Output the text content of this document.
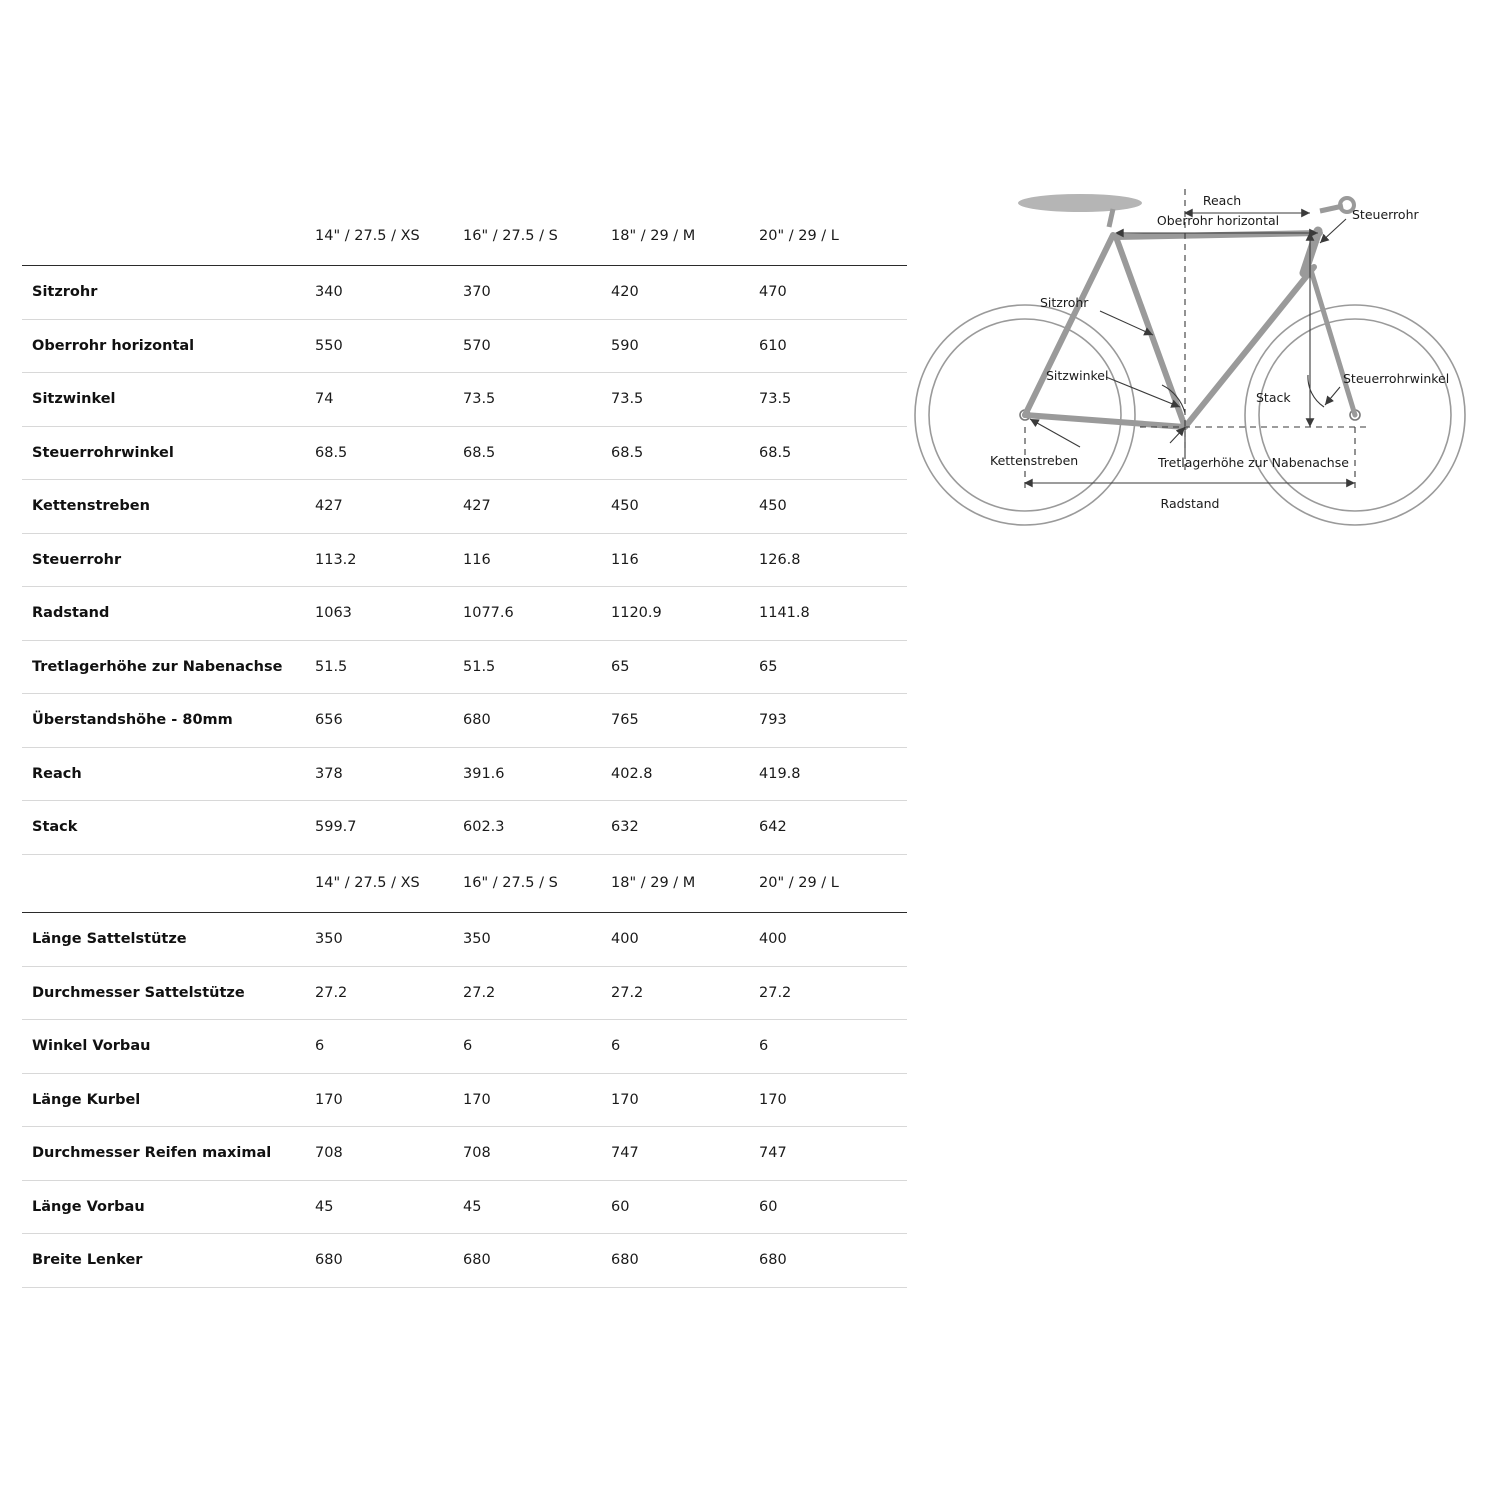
	14" / 27.5 / XS	16" / 27.5 / S	18" / 29 / M	20" / 29 / L
Sitzrohr	340	370	420	470
Oberrohr horizontal	550	570	590	610
Sitzwinkel	74	73.5	73.5	73.5
Steuerrohrwinkel	68.5	68.5	68.5	68.5
Kettenstreben	427	427	450	450
Steuerrohr	113.2	116	116	126.8
Radstand	1063	1077.6	1120.9	1141.8
Tretlagerhöhe zur Nabenachse	51.5	51.5	65	65
Überstandshöhe - 80mm	656	680	765	793
Reach	378	391.6	402.8	419.8
Stack	599.7	602.3	632	642
	14" / 27.5 / XS	16" / 27.5 / S	18" / 29 / M	20" / 29 / L
Länge Sattelstütze	350	350	400	400
Durchmesser Sattelstütze	27.2	27.2	27.2	27.2
Winkel Vorbau	6	6	6	6
Länge Kurbel	170	170	170	170
Durchmesser Reifen maximal	708	708	747	747
Länge Vorbau	45	45	60	60
Breite Lenker	680	680	680	680
Reach
Oberrohr horizontal	Steuerrohr
Sitzrohr
Sitzwinkel	Steuerrohrwinkel
Stack
Kettenstreben	Tretlagerhöhe zur Nabenachse
Radstand
